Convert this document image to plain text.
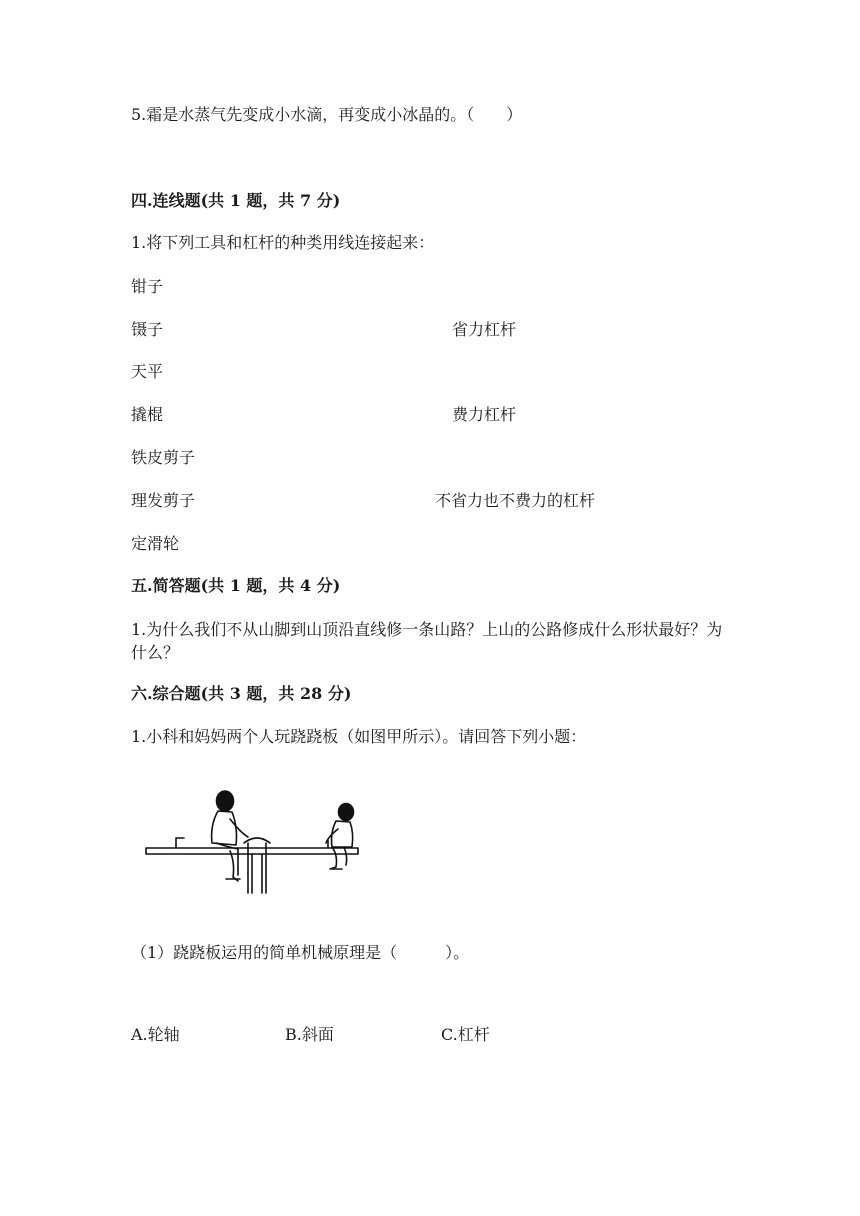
5.霜是水蒸气先变成小水滴，再变成小冰晶的。（　　）
四.连线题(共 1 题，共 7 分)
1.将下列工具和杠杆的种类用线连接起来：
钳子
镊子
天平
撬棍
铁皮剪子
理发剪子
定滑轮
省力杠杆
费力杠杆
不省力也不费力的杠杆
五.简答题(共 1 题，共 4 分)
1.为什么我们不从山脚到山顶沿直线修一条山路？上山的公路修成什么形状最好？为什么？
六.综合题(共 3 题，共 28 分)
1.小科和妈妈两个人玩跷跷板（如图甲所示）。请回答下列小题：
（1）跷跷板运用的简单机械原理是（　　　）。
A.轮轴	B.斜面	C.杠杆
